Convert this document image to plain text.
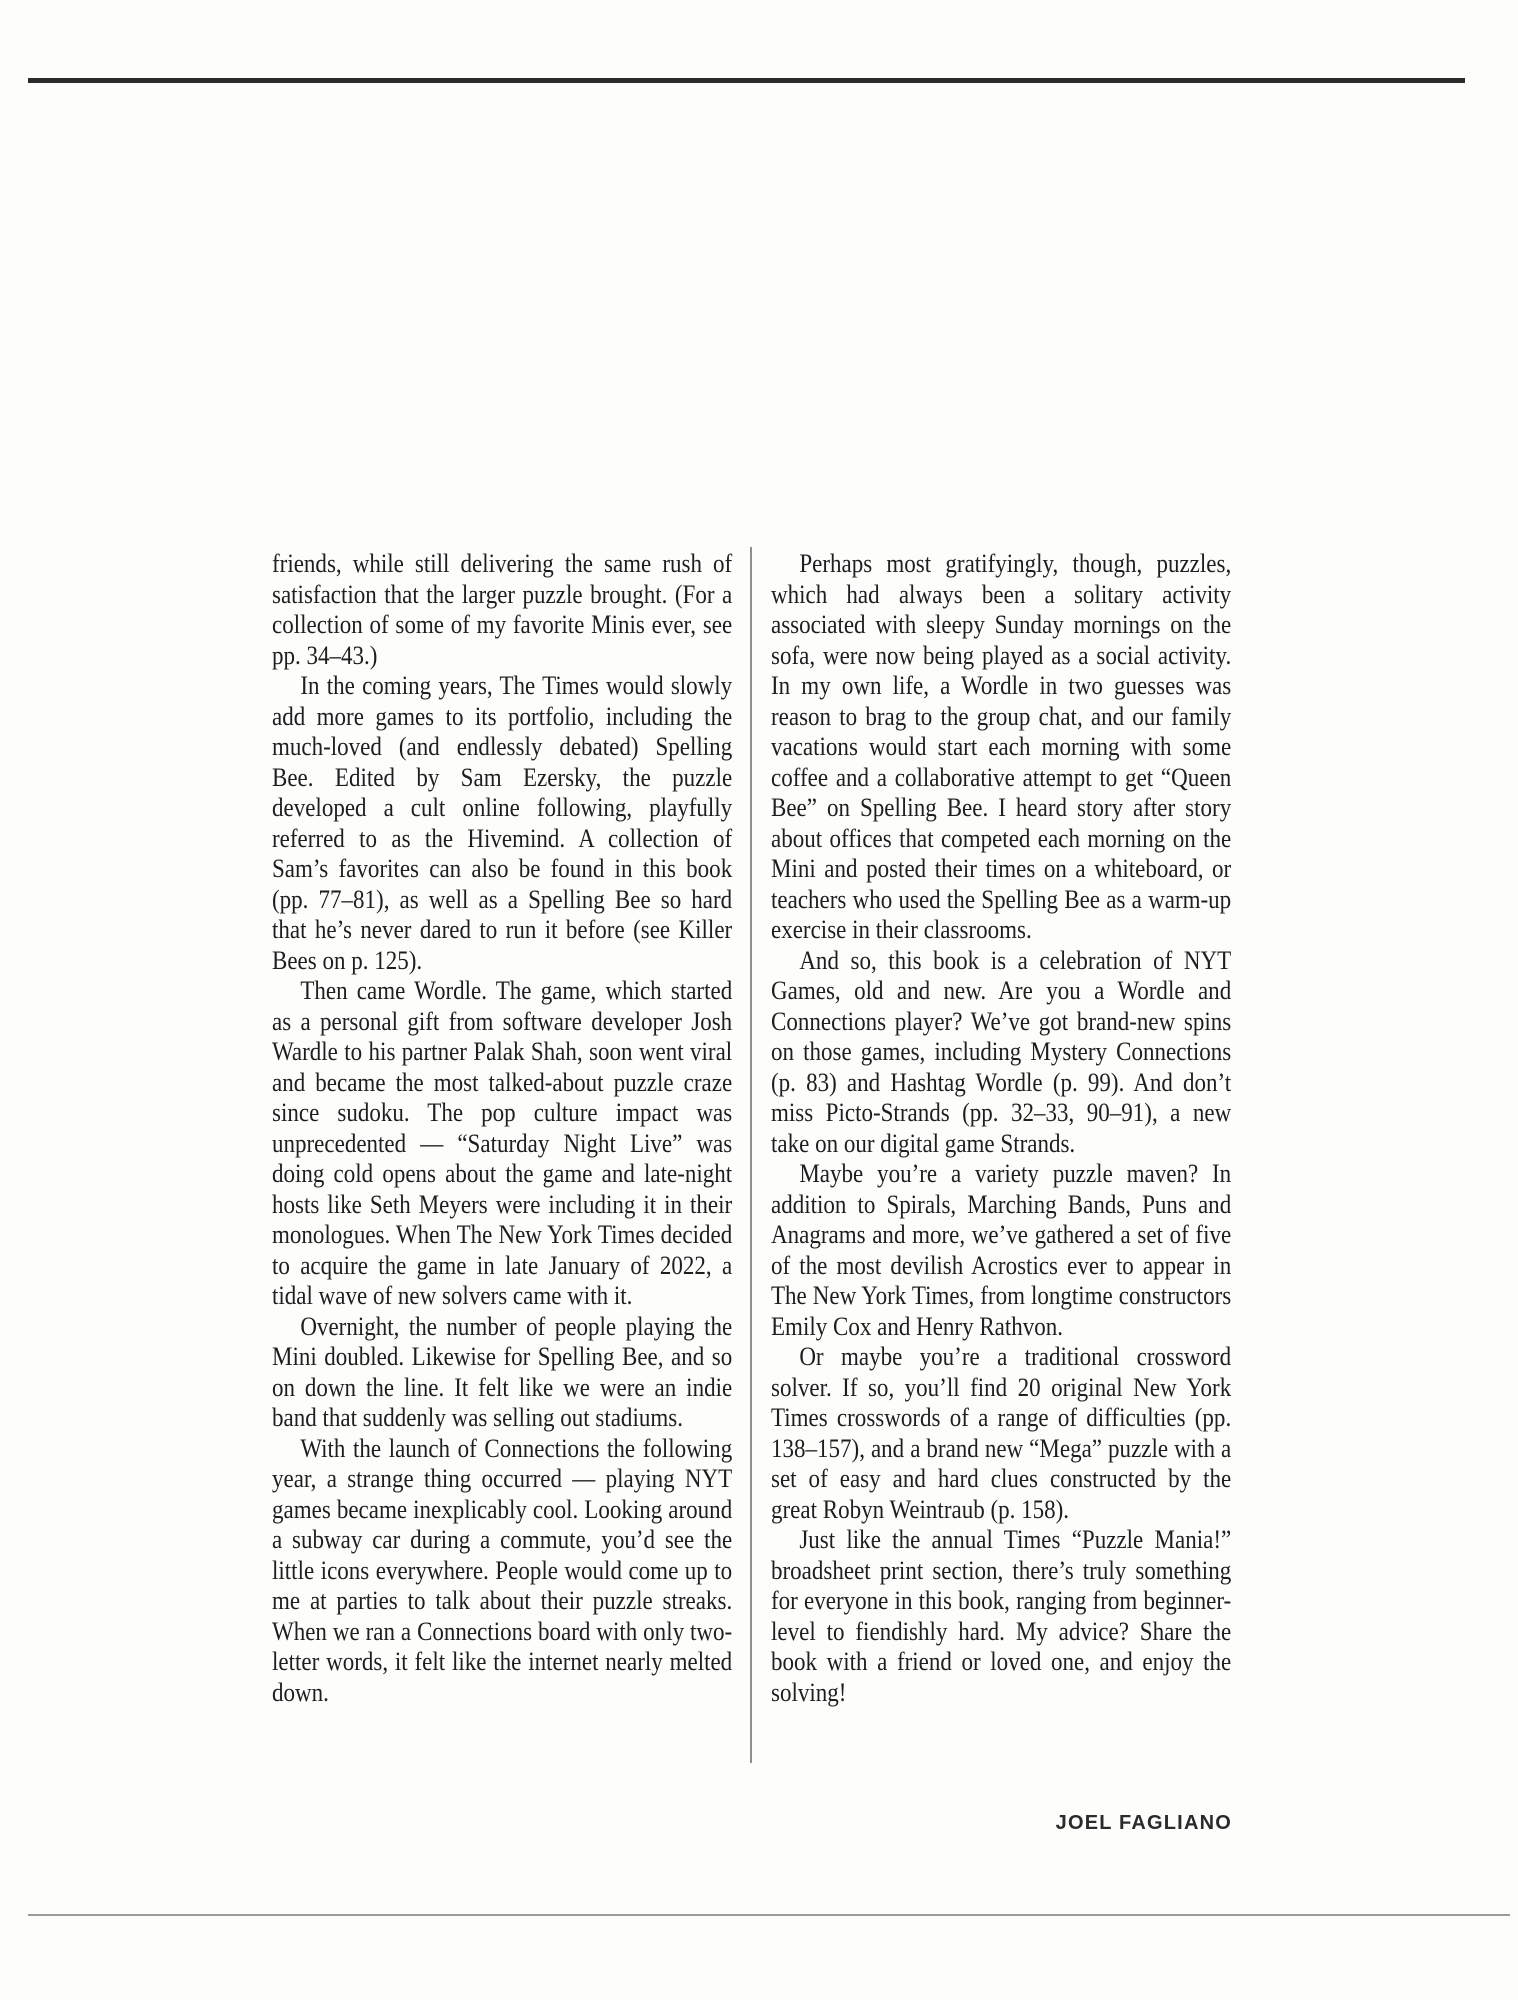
friends, while still delivering the same rush of satisfaction that the larger puzzle brought. (For a collection of some of my favorite Minis ever, see pp. 34–43.)

In the coming years, The Times would slowly add more games to its portfolio, including the much-loved (and endlessly debated) Spelling Bee. Edited by Sam Ezersky, the puzzle developed a cult online following, playfully referred to as the Hivemind. A collection of Sam’s favorites can also be found in this book (pp. 77–81), as well as a Spelling Bee so hard that he’s never dared to run it before (see Killer Bees on p. 125).

Then came Wordle. The game, which started as a personal gift from software developer Josh Wardle to his partner Palak Shah, soon went viral and became the most talked-about puzzle craze since sudoku. The pop culture impact was unprecedented — “Saturday Night Live” was doing cold opens about the game and late-night hosts like Seth Meyers were including it in their monologues. When The New York Times decided to acquire the game in late January of 2022, a tidal wave of new solvers came with it.

Overnight, the number of people playing the Mini doubled. Likewise for Spelling Bee, and so on down the line. It felt like we were an indie band that suddenly was selling out stadiums.

With the launch of Connections the following year, a strange thing occurred — playing NYT games became inexplicably cool. Looking around a subway car during a commute, you’d see the little icons everywhere. People would come up to me at parties to talk about their puzzle streaks. When we ran a Connections board with only two-letter words, it felt like the internet nearly melted down.

Perhaps most gratifyingly, though, puzzles, which had always been a solitary activity associated with sleepy Sunday mornings on the sofa, were now being played as a social activity. In my own life, a Wordle in two guesses was reason to brag to the group chat, and our family vacations would start each morning with some coffee and a collaborative attempt to get “Queen Bee” on Spelling Bee. I heard story after story about offices that competed each morning on the Mini and posted their times on a whiteboard, or teachers who used the Spelling Bee as a warm-up exercise in their classrooms.

And so, this book is a celebration of NYT Games, old and new. Are you a Wordle and Connections player? We’ve got brand-new spins on those games, including Mystery Connections (p. 83) and Hashtag Wordle (p. 99). And don’t miss Picto-Strands (pp. 32–33, 90–91), a new take on our digital game Strands.

Maybe you’re a variety puzzle maven? In addition to Spirals, Marching Bands, Puns and Anagrams and more, we’ve gathered a set of five of the most devilish Acrostics ever to appear in The New York Times, from longtime constructors Emily Cox and Henry Rathvon.

Or maybe you’re a traditional crossword solver. If so, you’ll find 20 original New York Times crosswords of a range of difficulties (pp. 138–157), and a brand new “Mega” puzzle with a set of easy and hard clues constructed by the great Robyn Weintraub (p. 158).

Just like the annual Times “Puzzle Mania!” broadsheet print section, there’s truly something for everyone in this book, ranging from beginner-level to fiendishly hard. My advice? Share the book with a friend or loved one, and enjoy the solving!

JOEL FAGLIANO
